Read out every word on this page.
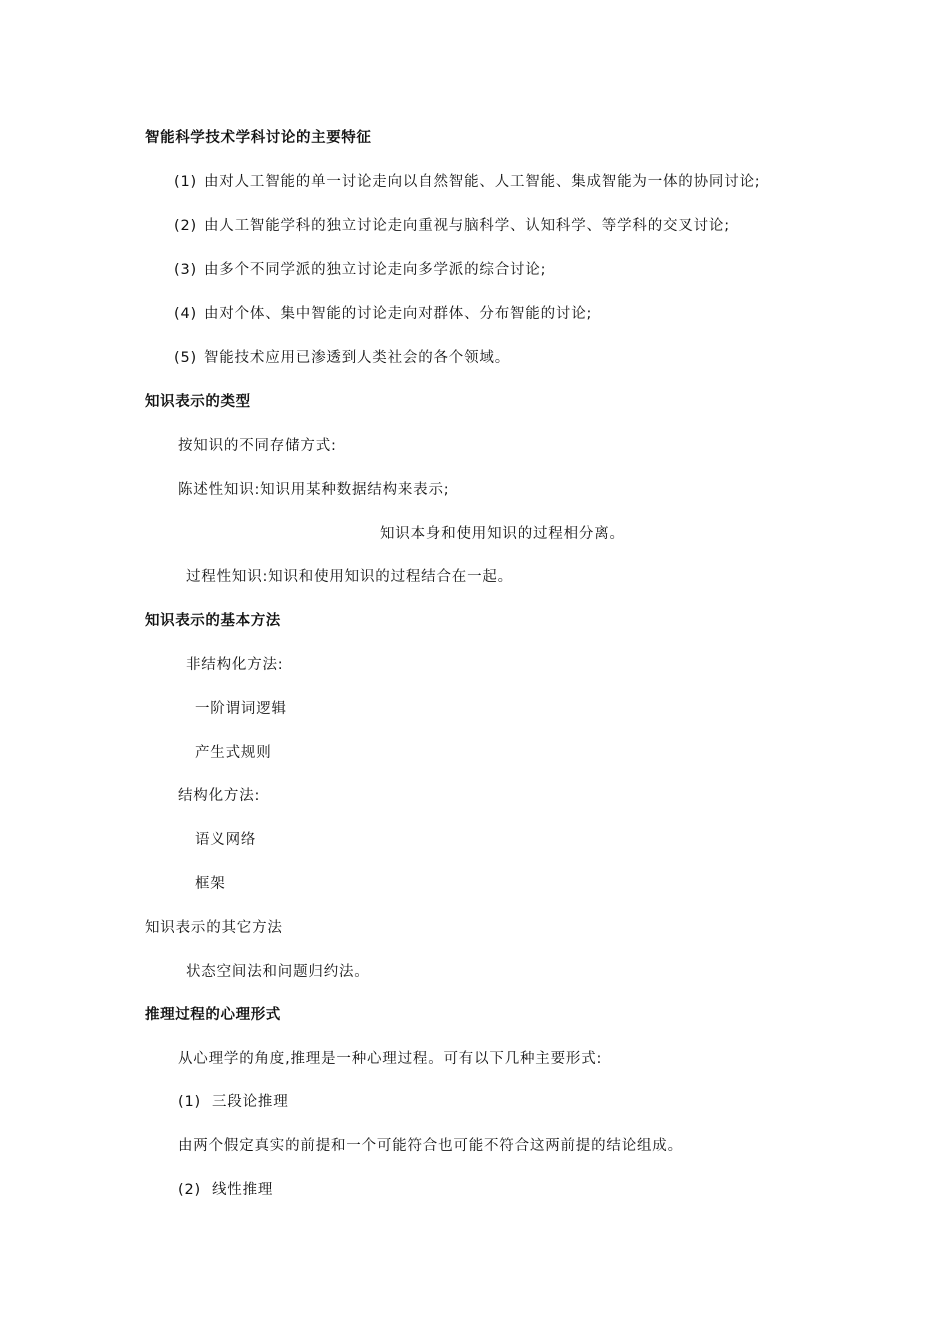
智能科学技术学科讨论的主要特征
(1) 由对人工智能的单一讨论走向以自然智能、人工智能、集成智能为一体的协同讨论;
(2) 由人工智能学科的独立讨论走向重视与脑科学、认知科学、等学科的交叉讨论;
(3) 由多个不同学派的独立讨论走向多学派的综合讨论;
(4) 由对个体、集中智能的讨论走向对群体、分布智能的讨论;
(5) 智能技术应用已渗透到人类社会的各个领域。
知识表示的类型
按知识的不同存储方式:
陈述性知识:知识用某种数据结构来表示;
知识本身和使用知识的过程相分离。
过程性知识:知识和使用知识的过程结合在一起。
知识表示的基本方法
非结构化方法:
一阶谓词逻辑
产生式规则
结构化方法:
语义网络
框架
知识表示的其它方法
状态空间法和问题归约法。
推理过程的心理形式
从心理学的角度,推理是一种心理过程。可有以下几种主要形式:
(1) 三段论推理
由两个假定真实的前提和一个可能符合也可能不符合这两前提的结论组成。
(2) 线性推理
